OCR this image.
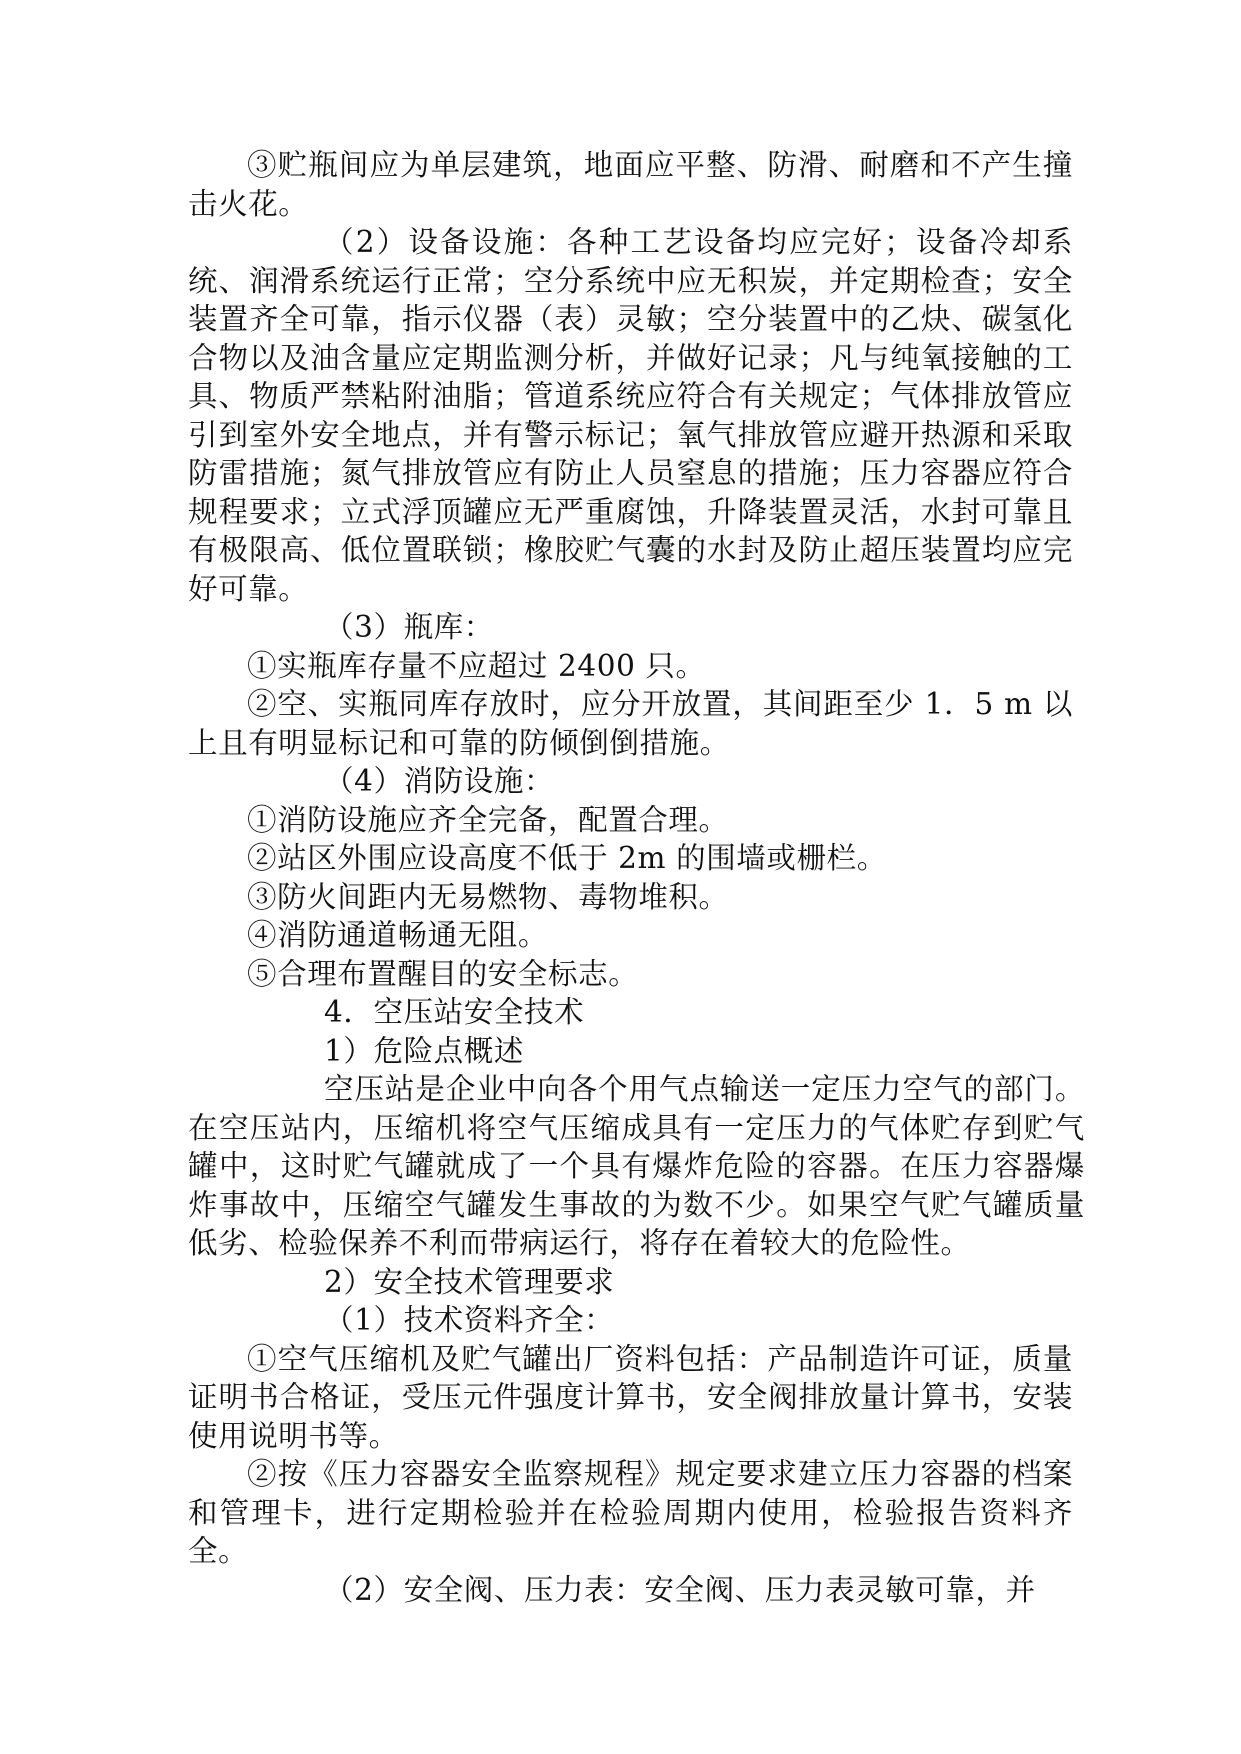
③贮瓶间应为单层建筑，地面应平整、防滑、耐磨和不产生撞击火花。

（2）设备设施：各种工艺设备均应完好；设备冷却系统、润滑系统运行正常；空分系统中应无积炭，并定期检查；安全装置齐全可靠，指示仪器（表）灵敏；空分装置中的乙炔、碳氢化合物以及油含量应定期监测分析，并做好记录；凡与纯氧接触的工具、物质严禁粘附油脂；管道系统应符合有关规定；气体排放管应引到室外安全地点，并有警示标记；氧气排放管应避开热源和采取防雷措施；氮气排放管应有防止人员窒息的措施；压力容器应符合规程要求；立式浮顶罐应无严重腐蚀，升降装置灵活，水封可靠且有极限高、低位置联锁；橡胶贮气囊的水封及防止超压装置均应完好可靠。

（3）瓶库：

①实瓶库存量不应超过 2400 只。

②空、实瓶同库存放时，应分开放置，其间距至少 1．5 m 以上且有明显标记和可靠的防倾倒倒措施。

（4）消防设施：

①消防设施应齐全完备，配置合理。

②站区外围应设高度不低于 2m 的围墙或栅栏。

③防火间距内无易燃物、毒物堆积。

④消防通道畅通无阻。

⑤合理布置醒目的安全标志。

4．空压站安全技术

1）危险点概述

空压站是企业中向各个用气点输送一定压力空气的部门。在空压站内，压缩机将空气压缩成具有一定压力的气体贮存到贮气罐中，这时贮气罐就成了一个具有爆炸危险的容器。在压力容器爆炸事故中，压缩空气罐发生事故的为数不少。如果空气贮气罐质量低劣、检验保养不利而带病运行，将存在着较大的危险性。

2）安全技术管理要求

（1）技术资料齐全：

①空气压缩机及贮气罐出厂资料包括：产品制造许可证，质量证明书合格证，受压元件强度计算书，安全阀排放量计算书，安装使用说明书等。

②按《压力容器安全监察规程》规定要求建立压力容器的档案和管理卡，进行定期检验并在检验周期内使用，检验报告资料齐全。

（2）安全阀、压力表：安全阀、压力表灵敏可靠，并
